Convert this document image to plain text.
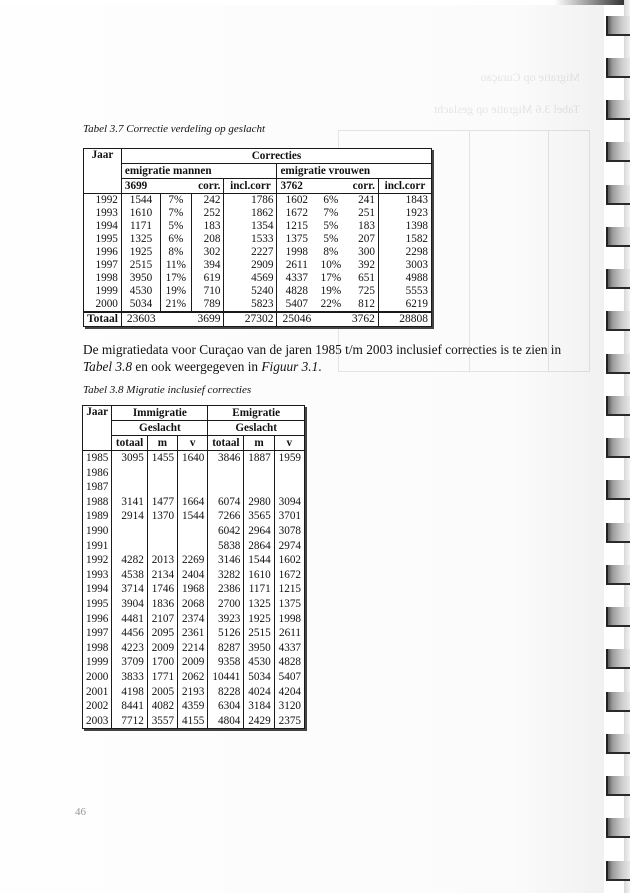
Tabel 3.7 Correctie verdeling op geslacht
Jaar	Correcties							
	emigratie mannen				emigratie vrouwen			
	3699		corr.	incl.corr	3762		corr.	incl.corr
1992	1544	7%	242	1786	1602	6%	241	1843
1993	1610	7%	252	1862	1672	7%	251	1923
1994	1171	5%	183	1354	1215	5%	183	1398
1995	1325	6%	208	1533	1375	5%	207	1582
1996	1925	8%	302	2227	1998	8%	300	2298
1997	2515	11%	394	2909	2611	10%	392	3003
1998	3950	17%	619	4569	4337	17%	651	4988
1999	4530	19%	710	5240	4828	19%	725	5553
2000	5034	21%	789	5823	5407	22%	812	6219
Totaal	23603		3699	27302	25046		3762	28808
De migratiedata voor Curaçao van de jaren 1985 t/m 2003 inclusief correcties is te zien in
Tabel 3.8 en ook weergegeven in Figuur 3.1.
Tabel 3.8 Migratie inclusief correcties
Jaar	Immigratie			Emigratie		
	Geslacht			Geslacht		
	totaal	m	v	totaal	m	v
1985	3095	1455	1640	3846	1887	1959
1986						
1987						
1988	3141	1477	1664	6074	2980	3094
1989	2914	1370	1544	7266	3565	3701
1990				6042	2964	3078
1991				5838	2864	2974
1992	4282	2013	2269	3146	1544	1602
1993	4538	2134	2404	3282	1610	1672
1994	3714	1746	1968	2386	1171	1215
1995	3904	1836	2068	2700	1325	1375
1996	4481	2107	2374	3923	1925	1998
1997	4456	2095	2361	5126	2515	2611
1998	4223	2009	2214	8287	3950	4337
1999	3709	1700	2009	9358	4530	4828
2000	3833	1771	2062	10441	5034	5407
2001	4198	2005	2193	8228	4024	4204
2002	8441	4082	4359	6304	3184	3120
2003	7712	3557	4155	4804	2429	2375
46
